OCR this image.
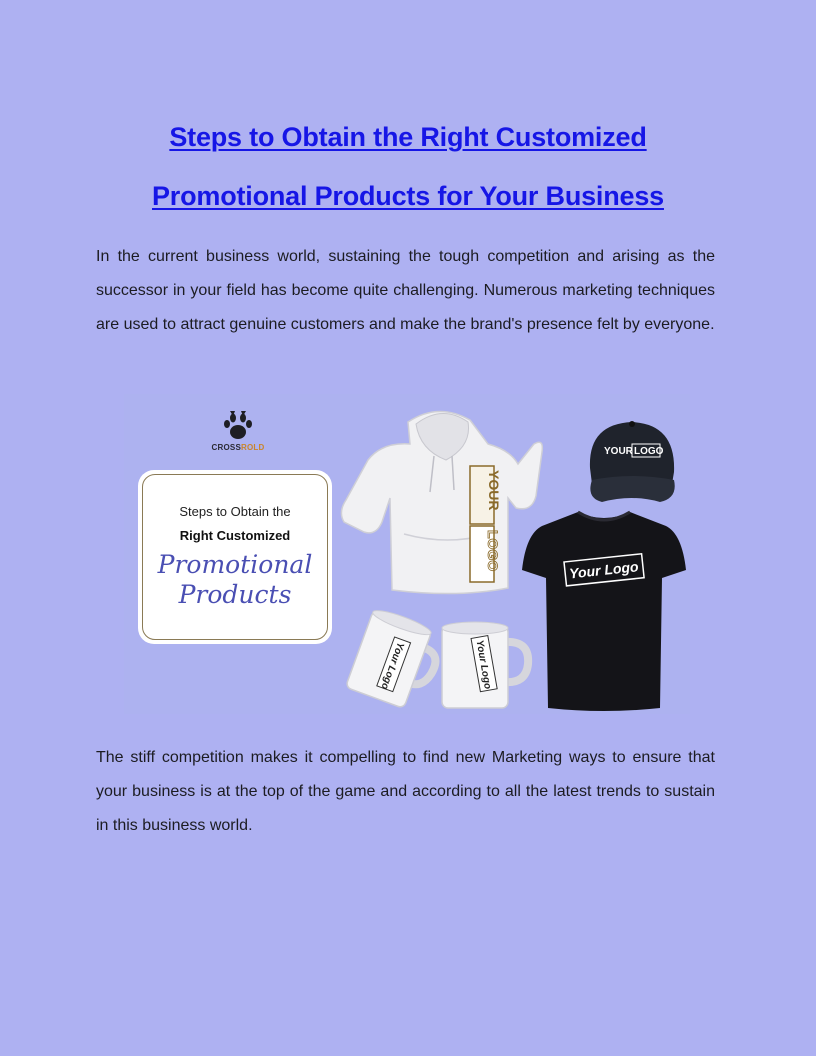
Steps to Obtain the Right Customized
Promotional Products for Your Business

In the current business world, sustaining the tough competition and arising as the successor in your field has become quite challenging. Numerous marketing techniques are used to attract genuine customers and make the brand's presence felt by everyone.

CROSSROLD
Steps to Obtain the
Right Customized
Promotional
Products
YOUR
LOGO
YOUR LOGO
Your Logo
Your Logo	Your Logo

The stiff competition makes it compelling to find new Marketing ways to ensure that your business is at the top of the game and according to all the latest trends to sustain in this business world.
